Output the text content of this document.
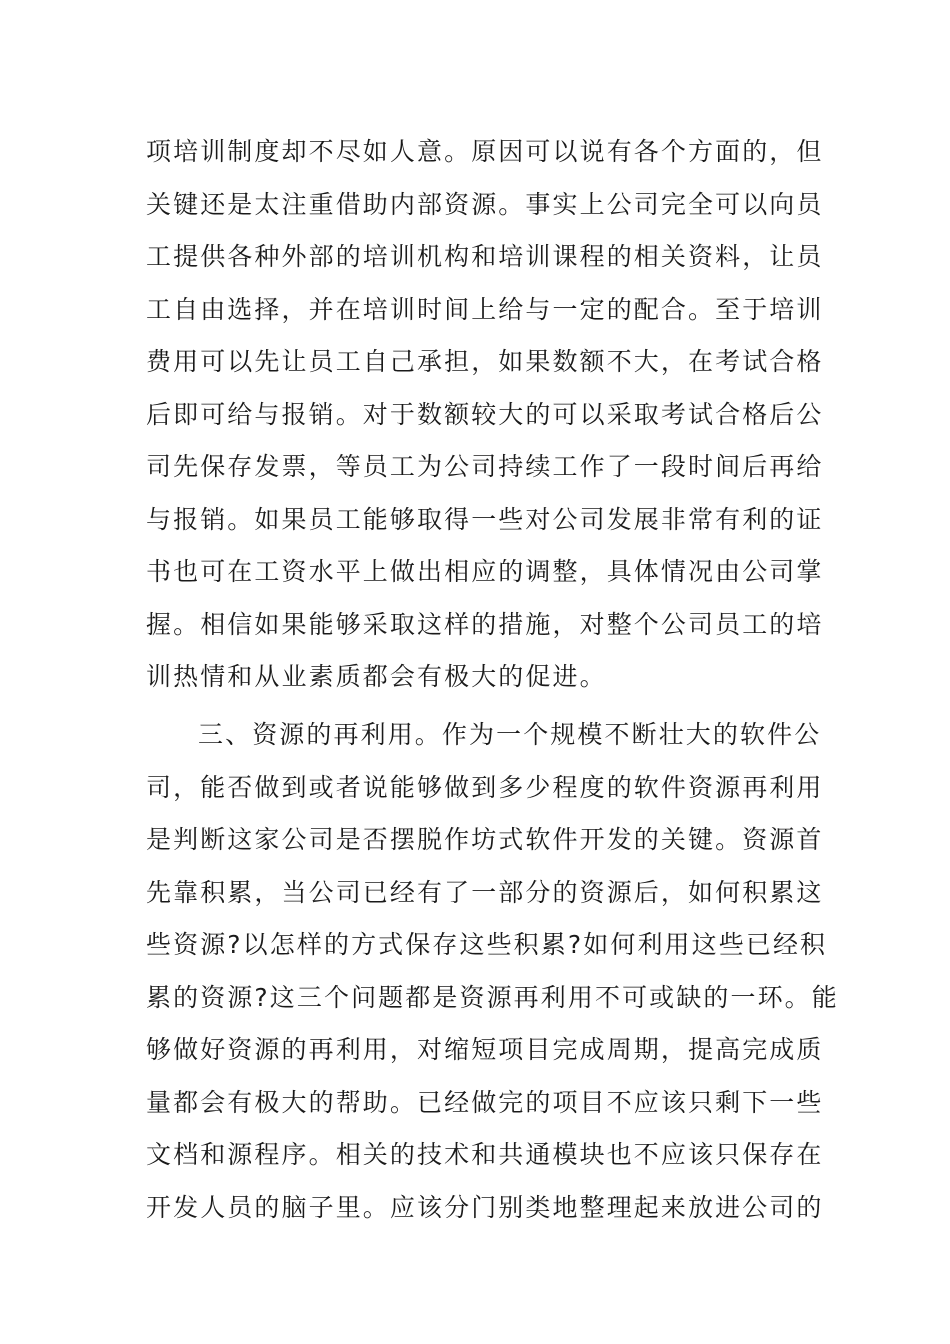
项培训制度却不尽如人意。原因可以说有各个方面的，但
关键还是太注重借助内部资源。事实上公司完全可以向员
工提供各种外部的培训机构和培训课程的相关资料，让员
工自由选择，并在培训时间上给与一定的配合。至于培训
费用可以先让员工自己承担，如果数额不大，在考试合格
后即可给与报销。对于数额较大的可以采取考试合格后公
司先保存发票，等员工为公司持续工作了一段时间后再给
与报销。如果员工能够取得一些对公司发展非常有利的证
书也可在工资水平上做出相应的调整，具体情况由公司掌
握。相信如果能够采取这样的措施，对整个公司员工的培
训热情和从业素质都会有极大的促进。
三、资源的再利用。作为一个规模不断壮大的软件公
司，能否做到或者说能够做到多少程度的软件资源再利用
是判断这家公司是否摆脱作坊式软件开发的关键。资源首
先靠积累，当公司已经有了一部分的资源后，如何积累这
些资源?以怎样的方式保存这些积累?如何利用这些已经积
累的资源?这三个问题都是资源再利用不可或缺的一环。能
够做好资源的再利用，对缩短项目完成周期，提高完成质
量都会有极大的帮助。已经做完的项目不应该只剩下一些
文档和源程序。相关的技术和共通模块也不应该只保存在
开发人员的脑子里。应该分门别类地整理起来放进公司的
